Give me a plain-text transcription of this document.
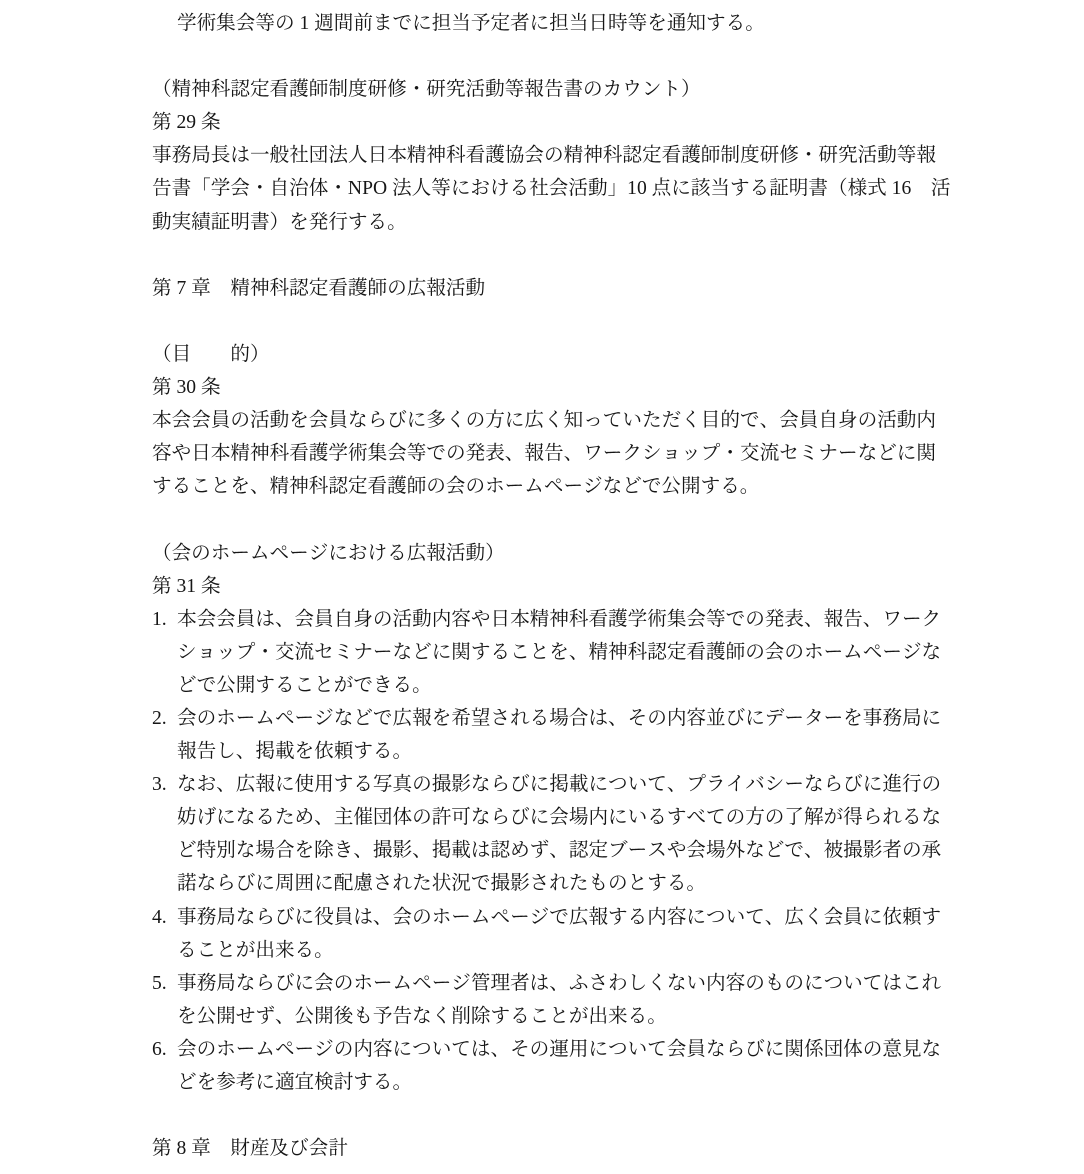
学術集会等の 1 週間前までに担当予定者に担当日時等を通知する。
（精神科認定看護師制度研修・研究活動等報告書のカウント）
第 29 条
事務局長は一般社団法人日本精神科看護協会の精神科認定看護師制度研修・研究活動等報
告書「学会・自治体・NPO 法人等における社会活動」10 点に該当する証明書（様式 16　活
動実績証明書）を発行する。
第 7 章　精神科認定看護師の広報活動
（目　　的）
第 30 条
本会会員の活動を会員ならびに多くの方に広く知っていただく目的で、会員自身の活動内
容や日本精神科看護学術集会等での発表、報告、ワークショップ・交流セミナーなどに関
することを、精神科認定看護師の会のホームページなどで公開する。
（会のホームページにおける広報活動）
第 31 条
1. 本会会員は、会員自身の活動内容や日本精神科看護学術集会等での発表、報告、ワーク
ショップ・交流セミナーなどに関することを、精神科認定看護師の会のホームページな
どで公開することができる。
2. 会のホームページなどで広報を希望される場合は、その内容並びにデーターを事務局に
報告し、掲載を依頼する。
3. なお、広報に使用する写真の撮影ならびに掲載について、プライバシーならびに進行の
妨げになるため、主催団体の許可ならびに会場内にいるすべての方の了解が得られるな
ど特別な場合を除き、撮影、掲載は認めず、認定ブースや会場外などで、被撮影者の承
諾ならびに周囲に配慮された状況で撮影されたものとする。
4. 事務局ならびに役員は、会のホームページで広報する内容について、広く会員に依頼す
ることが出来る。
5. 事務局ならびに会のホームページ管理者は、ふさわしくない内容のものについてはこれ
を公開せず、公開後も予告なく削除することが出来る。
6. 会のホームページの内容については、その運用について会員ならびに関係団体の意見な
どを参考に適宜検討する。
第 8 章　財産及び会計
